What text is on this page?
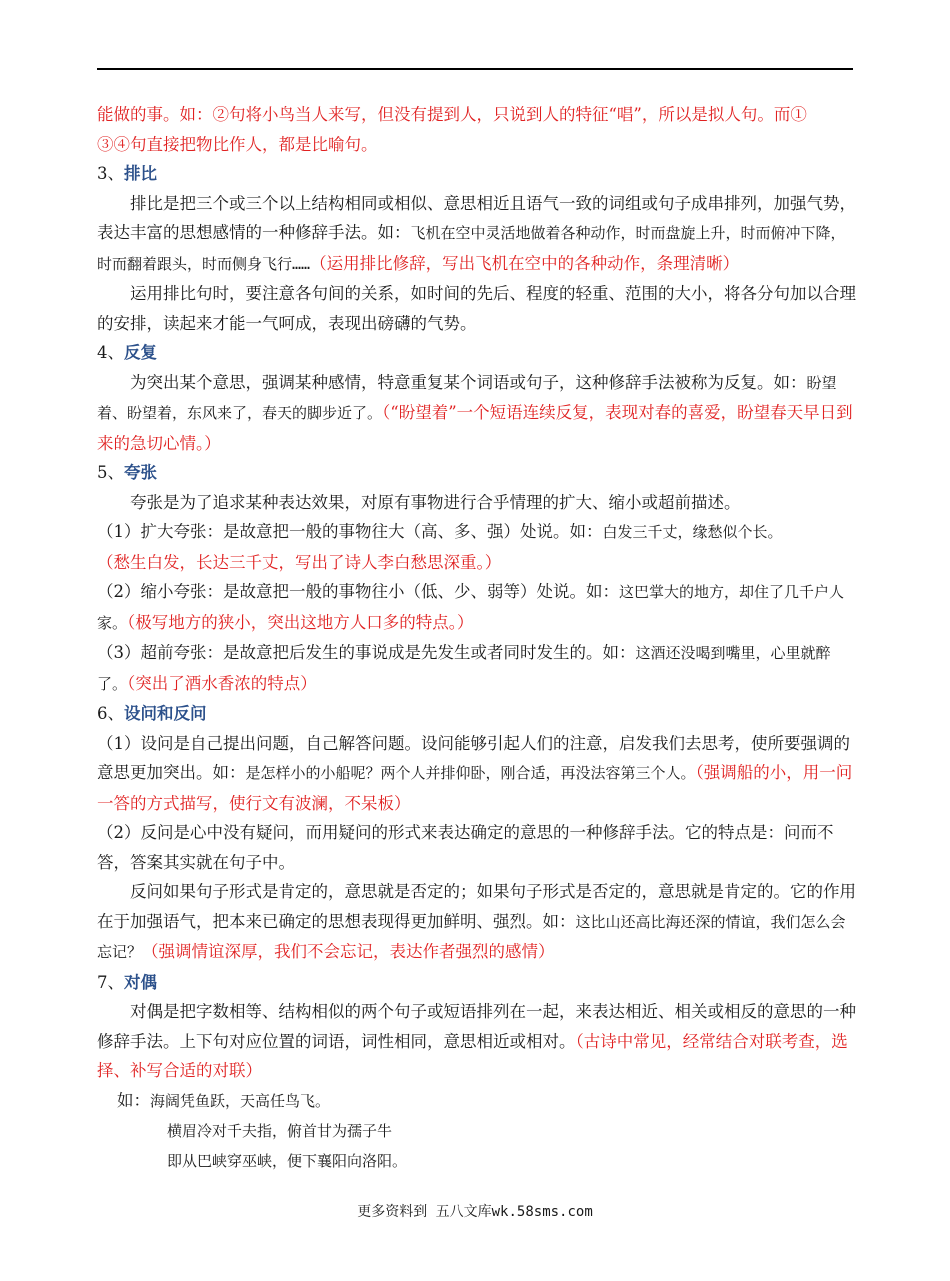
能做的事。如：②句将小鸟当人来写，但没有提到人，只说到人的特征“唱”，所以是拟人句。而①

③④句直接把物比作人，都是比喻句。

3、排比

排比是把三个或三个以上结构相同或相似、意思相近且语气一致的词组或句子成串排列，加强气势，表达丰富的思想感情的一种修辞手法。如：飞机在空中灵活地做着各种动作，时而盘旋上升，时而俯冲下降，时而翻着跟头，时而侧身飞行……（运用排比修辞，写出飞机在空中的各种动作，条理清晰）

运用排比句时，要注意各句间的关系，如时间的先后、程度的轻重、范围的大小，将各分句加以合理的安排，读起来才能一气呵成，表现出磅礴的气势。

4、反复

为突出某个意思，强调某种感情，特意重复某个词语或句子，这种修辞手法被称为反复。如：盼望着、盼望着，东风来了，春天的脚步近了。（“盼望着”一个短语连续反复，表现对春的喜爱，盼望春天早日到来的急切心情。）

5、夸张

夸张是为了追求某种表达效果，对原有事物进行合乎情理的扩大、缩小或超前描述。

（1）扩大夸张：是故意把一般的事物往大（高、多、强）处说。如：白发三千丈，缘愁似个长。
（愁生白发，长达三千丈，写出了诗人李白愁思深重。）

（2）缩小夸张：是故意把一般的事物往小（低、少、弱等）处说。如：这巴掌大的地方，却住了几千户人家。（极写地方的狭小，突出这地方人口多的特点。）

（3）超前夸张：是故意把后发生的事说成是先发生或者同时发生的。如：这酒还没喝到嘴里，心里就醉了。（突出了酒水香浓的特点）

6、设问和反问

（1）设问是自己提出问题，自己解答问题。设问能够引起人们的注意，启发我们去思考，使所要强调的意思更加突出。如：是怎样小的小船呢？两个人并排仰卧，刚合适，再没法容第三个人。（强调船的小，用一问一答的方式描写，使行文有波澜，不呆板）

（2）反问是心中没有疑问，而用疑问的形式来表达确定的意思的一种修辞手法。它的特点是：问而不答，答案其实就在句子中。

反问如果句子形式是肯定的，意思就是否定的；如果句子形式是否定的，意思就是肯定的。它的作用在于加强语气，把本来已确定的思想表现得更加鲜明、强烈。如：这比山还高比海还深的情谊，我们怎么会忘记？（强调情谊深厚，我们不会忘记，表达作者强烈的感情）

7、对偶

对偶是把字数相等、结构相似的两个句子或短语排列在一起，来表达相近、相关或相反的意思的一种修辞手法。上下句对应位置的词语，词性相同，意思相近或相对。（古诗中常见，经常结合对联考查，选择、补写合适的对联）

如：海阔凭鱼跃，天高任鸟飞。

横眉冷对千夫指，俯首甘为孺子牛

即从巴峡穿巫峡，便下襄阳向洛阳。

更多资料到 五八文库wk.58sms.com
